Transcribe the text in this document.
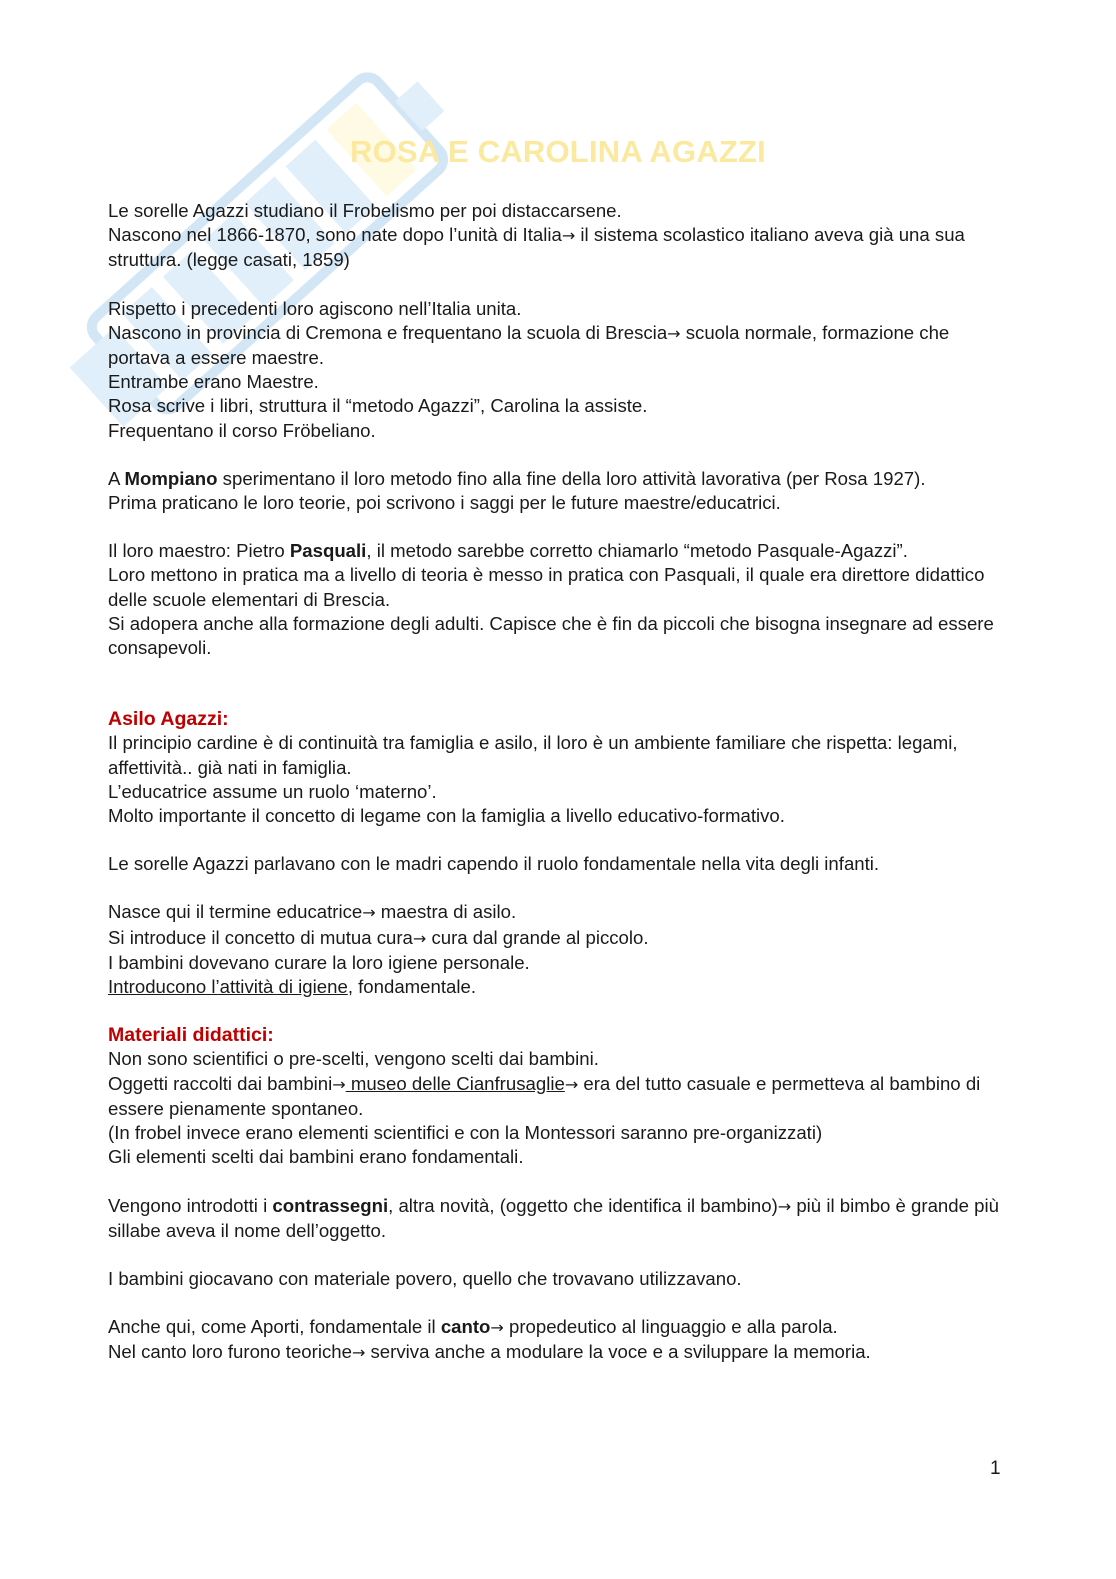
ROSA E CAROLINA AGAZZI

Le sorelle Agazzi studiano il Frobelismo per poi distaccarsene.

Nascono nel 1866-1870, sono nate dopo l’unità di Italia→ il sistema scolastico italiano aveva già una sua struttura. (legge casati, 1859)

Rispetto i precedenti loro agiscono nell’Italia unita.

Nascono in provincia di Cremona e frequentano la scuola di Brescia→ scuola normale, formazione che portava a essere maestre.

Entrambe erano Maestre.

Rosa scrive i libri, struttura il “metodo Agazzi”, Carolina la assiste.

Frequentano il corso Fröbeliano.

A Mompiano sperimentano il loro metodo fino alla fine della loro attività lavorativa (per Rosa 1927).

Prima praticano le loro teorie, poi scrivono i saggi per le future maestre/educatrici.

Il loro maestro: Pietro Pasquali, il metodo sarebbe corretto chiamarlo “metodo Pasquale-Agazzi”.

Loro mettono in pratica ma a livello di teoria è messo in pratica con Pasquali, il quale era direttore didattico delle scuole elementari di Brescia.

Si adopera anche alla formazione degli adulti. Capisce che è fin da piccoli che bisogna insegnare ad essere consapevoli.

Asilo Agazzi:

Il principio cardine è di continuità tra famiglia e asilo, il loro è un ambiente familiare che rispetta: legami, affettività.. già nati in famiglia.

L’educatrice assume un ruolo ‘materno’.

Molto importante il concetto di legame con la famiglia a livello educativo-formativo.

Le sorelle Agazzi parlavano con le madri capendo il ruolo fondamentale nella vita degli infanti.

Nasce qui il termine educatrice→ maestra di asilo.

Si introduce il concetto di mutua cura→ cura dal grande al piccolo.

I bambini dovevano curare la loro igiene personale.

Introducono l’attività di igiene, fondamentale.

Materiali didattici:

Non sono scientifici o pre-scelti, vengono scelti dai bambini.

Oggetti raccolti dai bambini→ museo delle Cianfrusaglie→ era del tutto casuale e permetteva al bambino di essere pienamente spontaneo.

(In frobel invece erano elementi scientifici e con la Montessori saranno pre-organizzati)

Gli elementi scelti dai bambini erano fondamentali.

Vengono introdotti i contrassegni, altra novità, (oggetto che identifica il bambino)→ più il bimbo è grande più sillabe aveva il nome dell’oggetto.

I bambini giocavano con materiale povero, quello che trovavano utilizzavano.

Anche qui, come Aporti, fondamentale il canto→ propedeutico al linguaggio e alla parola.

Nel canto loro furono teoriche→ serviva anche a modulare la voce e a sviluppare la memoria.

1
